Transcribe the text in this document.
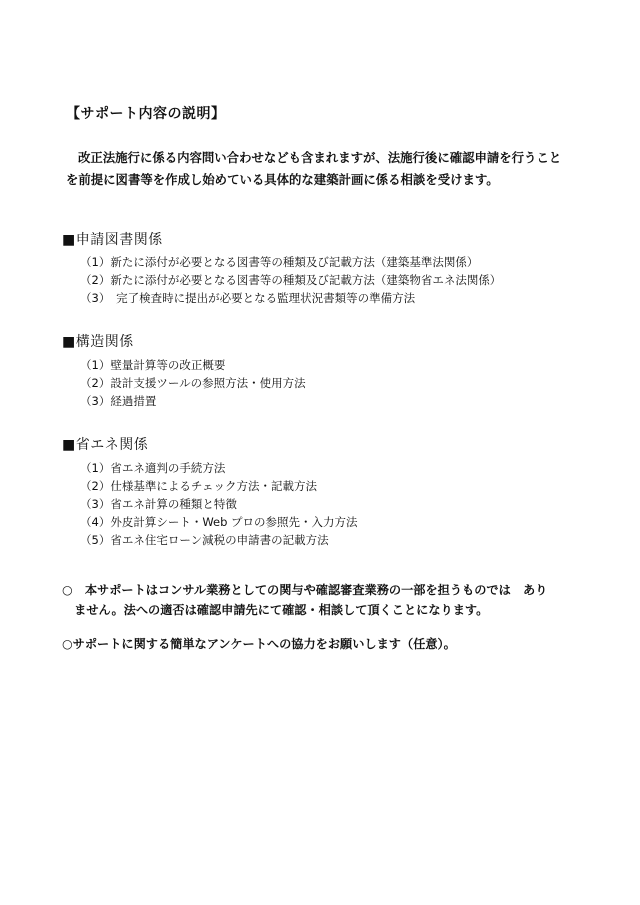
【サポート内容の説明】

改正法施行に係る内容問い合わせなども含まれますが、法施行後に確認申請を行うこと

を前提に図書等を作成し始めている具体的な建築計画に係る相談を受けます。

■申請図書関係
（1）新たに添付が必要となる図書等の種類及び記載方法（建築基準法関係）
（2）新たに添付が必要となる図書等の種類及び記載方法（建築物省エネ法関係）
（3）　完了検査時に提出が必要となる監理状況書類等の準備方法
■構造関係
（1）壁量計算等の改正概要
（2）設計支援ツールの参照方法・使用方法
（3）経過措置
■省エネ関係
（1）省エネ適判の手続方法
（2）仕様基準によるチェック方法・記載方法
（3）省エネ計算の種類と特徴
（4）外皮計算シート・Web プロの参照先・入力方法
（5）省エネ住宅ローン減税の申請書の記載方法

○　本サポートはコンサル業務としての関与や確認審査業務の一部を担うものでは　あり

　ません。法への適否は確認申請先にて確認・相談して頂くことになります。

○サポートに関する簡単なアンケートへの協力をお願いします（任意）。
